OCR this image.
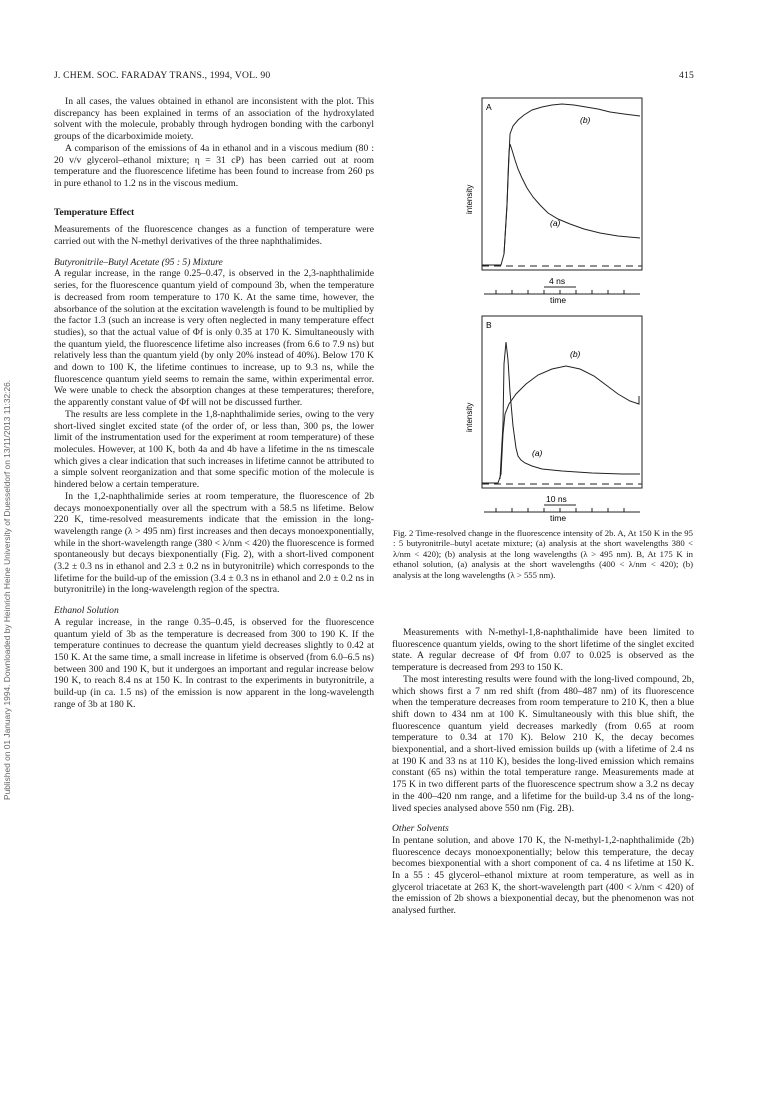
J. CHEM. SOC. FARADAY TRANS., 1994, VOL. 90	415
Published on 01 January 1994. Downloaded by Heinrich Heine University of Duesseldorf on 13/11/2013 11:32:26.

In all cases, the values obtained in ethanol are inconsistent with the plot. This discrepancy has been explained in terms of an association of the hydroxylated solvent with the molecule, probably through hydrogen bonding with the carbonyl groups of the dicarboximide moiety.

A comparison of the emissions of 4a in ethanol and in a viscous medium (80 : 20 v/v glycerol–ethanol mixture; η = 31 cP) has been carried out at room temperature and the fluorescence lifetime has been found to increase from 260 ps in pure ethanol to 1.2 ns in the viscous medium.

Temperature Effect

Measurements of the fluorescence changes as a function of temperature were carried out with the N-methyl derivatives of the three naphthalimides.

Butyronitrile–Butyl Acetate (95 : 5) Mixture

A regular increase, in the range 0.25–0.47, is observed in the 2,3-naphthalimide series, for the fluorescence quantum yield of compound 3b, when the temperature is decreased from room temperature to 170 K. At the same time, however, the absorbance of the solution at the excitation wavelength is found to be multiplied by the factor 1.3 (such an increase is very often neglected in many temperature effect studies), so that the actual value of Φf is only 0.35 at 170 K. Simultaneously with the quantum yield, the fluorescence lifetime also increases (from 6.6 to 7.9 ns) but relatively less than the quantum yield (by only 20% instead of 40%). Below 170 K and down to 100 K, the lifetime continues to increase, up to 9.3 ns, while the fluorescence quantum yield seems to remain the same, within experimental error. We were unable to check the absorption changes at these temperatures; therefore, the apparently constant value of Φf will not be discussed further.

The results are less complete in the 1,8-naphthalimide series, owing to the very short-lived singlet excited state (of the order of, or less than, 300 ps, the lower limit of the instrumentation used for the experiment at room temperature) of these molecules. However, at 100 K, both 4a and 4b have a lifetime in the ns timescale which gives a clear indication that such increases in lifetime cannot be attributed to a simple solvent reorganization and that some specific motion of the molecule is hindered below a certain temperature.

In the 1,2-naphthalimide series at room temperature, the fluorescence of 2b decays monoexponentially over all the spectrum with a 58.5 ns lifetime. Below 220 K, time-resolved measurements indicate that the emission in the long-wavelength range (λ > 495 nm) first increases and then decays monoexponentially, while in the short-wavelength range (380 < λ/nm < 420) the fluorescence is formed spontaneously but decays biexponentially (Fig. 2), with a short-lived component (3.2 ± 0.3 ns in ethanol and 2.3 ± 0.2 ns in butyronitrile) which corresponds to the lifetime for the build-up of the emission (3.4 ± 0.3 ns in ethanol and 2.0 ± 0.2 ns in butyronitrile) in the long-wavelength region of the spectra.

Ethanol Solution

A regular increase, in the range 0.35–0.45, is observed for the fluorescence quantum yield of 3b as the temperature is decreased from 300 to 190 K. If the temperature continues to decrease the quantum yield decreases slightly to 0.42 at 150 K. At the same time, a small increase in lifetime is observed (from 6.0–6.5 ns) between 300 and 190 K, but it undergoes an important and regular increase below 190 K, to reach 8.4 ns at 150 K. In contrast to the experiments in butyronitrile, a build-up (in ca. 1.5 ns) of the emission is now apparent in the long-wavelength range of 3b at 180 K.

A
intensity
(b)
(a)
4 ns
time
B
intensity
(b)
(a)
10 ns
time
Fig. 2 Time-resolved change in the fluorescence intensity of 2b. A, At 150 K in the 95 : 5 butyronitrile–butyl acetate mixture; (a) analysis at the short wavelengths 380 < λ/nm < 420); (b) analysis at the long wavelengths (λ > 495 nm). B, At 175 K in ethanol solution, (a) analysis at the short wavelengths (400 < λ/nm < 420); (b) analysis at the long wavelengths (λ > 555 nm).

Measurements with N-methyl-1,8-naphthalimide have been limited to fluorescence quantum yields, owing to the short lifetime of the singlet excited state. A regular decrease of Φf from 0.07 to 0.025 is observed as the temperature is decreased from 293 to 150 K.

The most interesting results were found with the long-lived compound, 2b, which shows first a 7 nm red shift (from 480–487 nm) of its fluorescence when the temperature decreases from room temperature to 210 K, then a blue shift down to 434 nm at 100 K. Simultaneously with this blue shift, the fluorescence quantum yield decreases markedly (from 0.65 at room temperature to 0.34 at 170 K). Below 210 K, the decay becomes biexponential, and a short-lived emission builds up (with a lifetime of 2.4 ns at 190 K and 33 ns at 110 K), besides the long-lived emission which remains constant (65 ns) within the total temperature range. Measurements made at 175 K in two different parts of the fluorescence spectrum show a 3.2 ns decay in the 400–420 nm range, and a lifetime for the build-up 3.4 ns of the long-lived species analysed above 550 nm (Fig. 2B).

Other Solvents

In pentane solution, and above 170 K, the N-methyl-1,2-naphthalimide (2b) fluorescence decays monoexponentially; below this temperature, the decay becomes biexponential with a short component of ca. 4 ns lifetime at 150 K. In a 55 : 45 glycerol–ethanol mixture at room temperature, as well as in glycerol triacetate at 263 K, the short-wavelength part (400 < λ/nm < 420) of the emission of 2b shows a biexponential decay, but the phenomenon was not analysed further.
